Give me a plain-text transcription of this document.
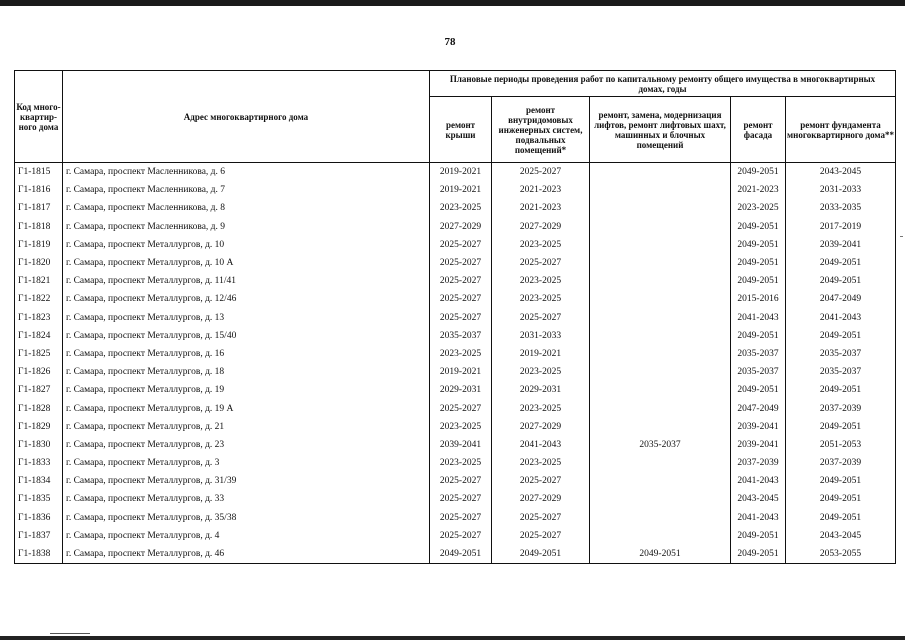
78
Код много-квартир-ного дома	Адрес многоквартирного дома	Плановые периоды проведения работ по капитальному ремонту общего имущества в многоквартирных домах, годы				
		ремонт крыши	ремонт внутридомовых инженерных систем, подвальных помещений*	ремонт, замена, модернизация лифтов, ремонт лифтовых шахт, машинных и блочных помещений	ремонт фасада	ремонт фундамента многоквартирного дома**
Г1-1815	г. Самара, проспект Масленникова, д. 6	2019-2021	2025-2027		2049-2051	2043-2045
Г1-1816	г. Самара, проспект Масленникова, д. 7	2019-2021	2021-2023		2021-2023	2031-2033
Г1-1817	г. Самара, проспект Масленникова, д. 8	2023-2025	2021-2023		2023-2025	2033-2035
Г1-1818	г. Самара, проспект Масленникова, д. 9	2027-2029	2027-2029		2049-2051	2017-2019
Г1-1819	г. Самара, проспект Металлургов, д. 10	2025-2027	2023-2025		2049-2051	2039-2041
Г1-1820	г. Самара, проспект Металлургов, д. 10 А	2025-2027	2025-2027		2049-2051	2049-2051
Г1-1821	г. Самара, проспект Металлургов, д. 11/41	2025-2027	2023-2025		2049-2051	2049-2051
Г1-1822	г. Самара, проспект Металлургов, д. 12/46	2025-2027	2023-2025		2015-2016	2047-2049
Г1-1823	г. Самара, проспект Металлургов, д. 13	2025-2027	2025-2027		2041-2043	2041-2043
Г1-1824	г. Самара, проспект Металлургов, д. 15/40	2035-2037	2031-2033		2049-2051	2049-2051
Г1-1825	г. Самара, проспект Металлургов, д. 16	2023-2025	2019-2021		2035-2037	2035-2037
Г1-1826	г. Самара, проспект Металлургов, д. 18	2019-2021	2023-2025		2035-2037	2035-2037
Г1-1827	г. Самара, проспект Металлургов, д. 19	2029-2031	2029-2031		2049-2051	2049-2051
Г1-1828	г. Самара, проспект Металлургов, д. 19 А	2025-2027	2023-2025		2047-2049	2037-2039
Г1-1829	г. Самара, проспект Металлургов, д. 21	2023-2025	2027-2029		2039-2041	2049-2051
Г1-1830	г. Самара, проспект Металлургов, д. 23	2039-2041	2041-2043	2035-2037	2039-2041	2051-2053
Г1-1833	г. Самара, проспект Металлургов, д. 3	2023-2025	2023-2025		2037-2039	2037-2039
Г1-1834	г. Самара, проспект Металлургов, д. 31/39	2025-2027	2025-2027		2041-2043	2049-2051
Г1-1835	г. Самара, проспект Металлургов, д. 33	2025-2027	2027-2029		2043-2045	2049-2051
Г1-1836	г. Самара, проспект Металлургов, д. 35/38	2025-2027	2025-2027		2041-2043	2049-2051
Г1-1837	г. Самара, проспект Металлургов, д. 4	2025-2027	2025-2027		2049-2051	2043-2045
Г1-1838	г. Самара, проспект Металлургов, д. 46	2049-2051	2049-2051	2049-2051	2049-2051	2053-2055
